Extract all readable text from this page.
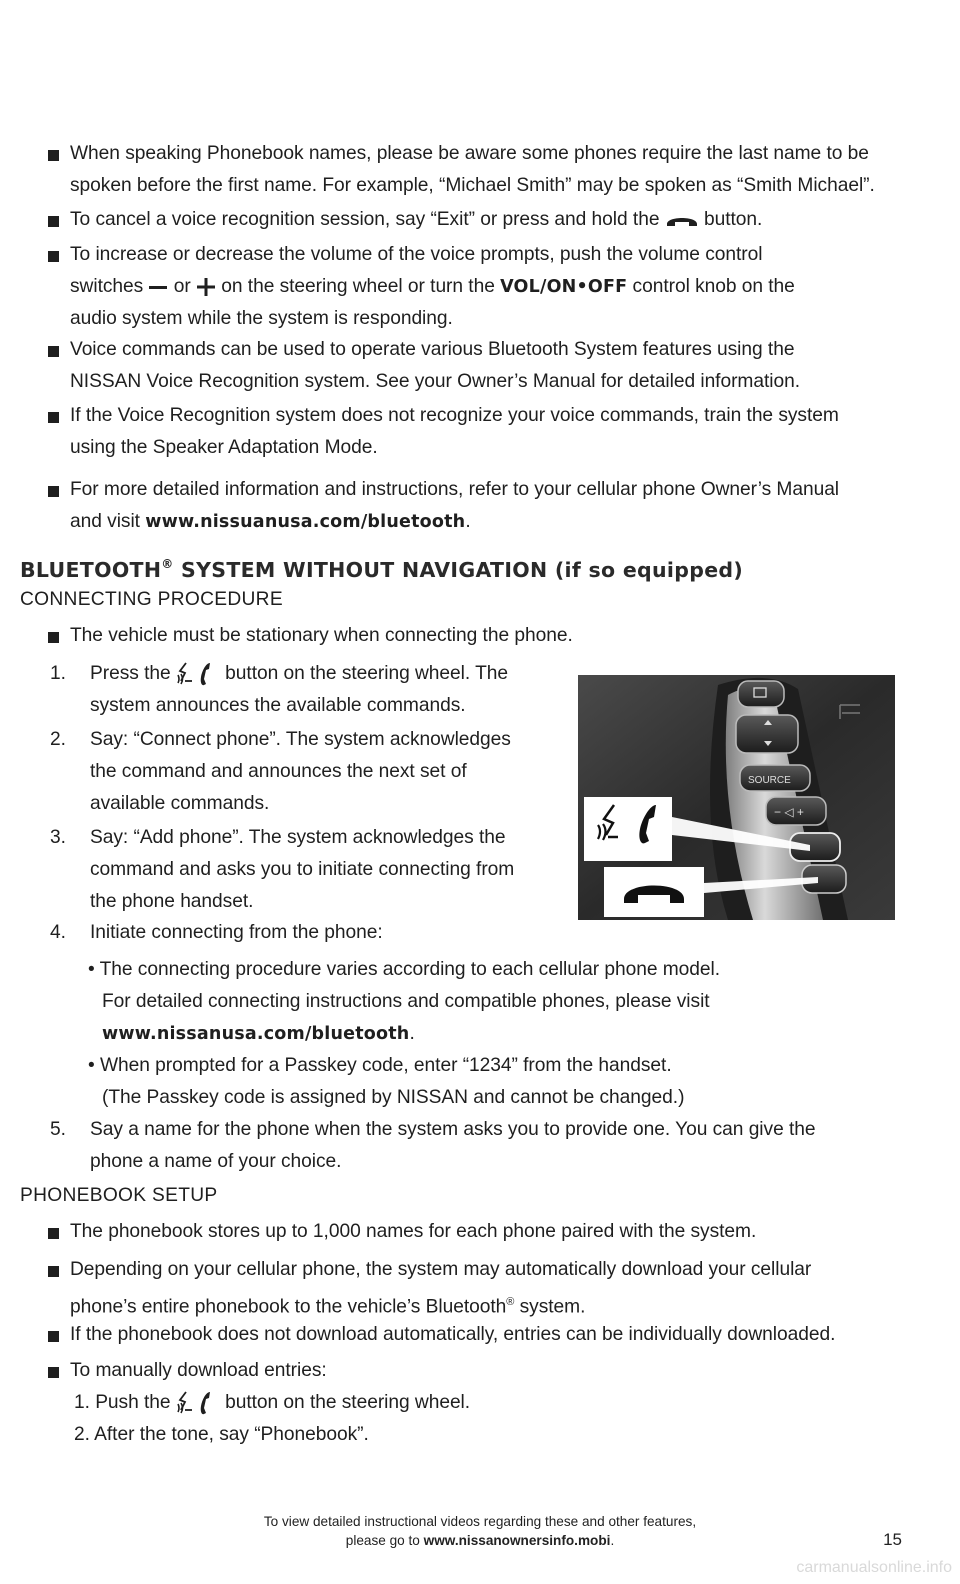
When speaking Phonebook names, please be aware some phones require the last name to be
spoken before the first name. For example, “Michael Smith” may be spoken as “Smith Michael”.
To cancel a voice recognition session, say “Exit” or press and hold the button.
To increase or decrease the volume of the voice prompts, push the volume control
switches or on the steering wheel or turn the VOL/ON•OFF control knob on the
audio system while the system is responding.
Voice commands can be used to operate various Bluetooth System features using the
NISSAN Voice Recognition system. See your Owner’s Manual for detailed information.
If the Voice Recognition system does not recognize your voice commands, train the system
using the Speaker Adaptation Mode.
For more detailed information and instructions, refer to your cellular phone Owner’s Manual
and visit www.nissuanusa.com/bluetooth.
BLUETOOTH® SYSTEM WITHOUT NAVIGATION (if so equipped)
CONNECTING PROCEDURE
The vehicle must be stationary when connecting the phone.
1.	Press the	button on the steering wheel. The
system announces the available commands.
2.	Say: “Connect phone”. The system acknowledges
the command and announces the next set of
available commands.
3.	Say: “Add phone”. The system acknowledges the
command and asks you to initiate connecting from
the phone handset.
4.	Initiate connecting from the phone:
• The connecting procedure varies according to each cellular phone model.
For detailed connecting instructions and compatible phones, please visit
www.nissanusa.com/bluetooth.
• When prompted for a Passkey code, enter “1234” from the handset.
(The Passkey code is assigned by NISSAN and cannot be changed.)
5.	Say a name for the phone when the system asks you to provide one. You can give the
phone a name of your choice.
SOURCE
− ◁ +
PHONEBOOK SETUP
The phonebook stores up to 1,000 names for each phone paired with the system.
Depending on your cellular phone, the system may automatically download your cellular
phone’s entire phonebook to the vehicle’s Bluetooth® system.
If the phonebook does not download automatically, entries can be individually downloaded.
To manually download entries:
1. Push the	button on the steering wheel.
2. After the tone, say “Phonebook”.
To view detailed instructional videos regarding these and other features,
please go to www.nissanownersinfo.mobi.	15
carmanualsonline.info
